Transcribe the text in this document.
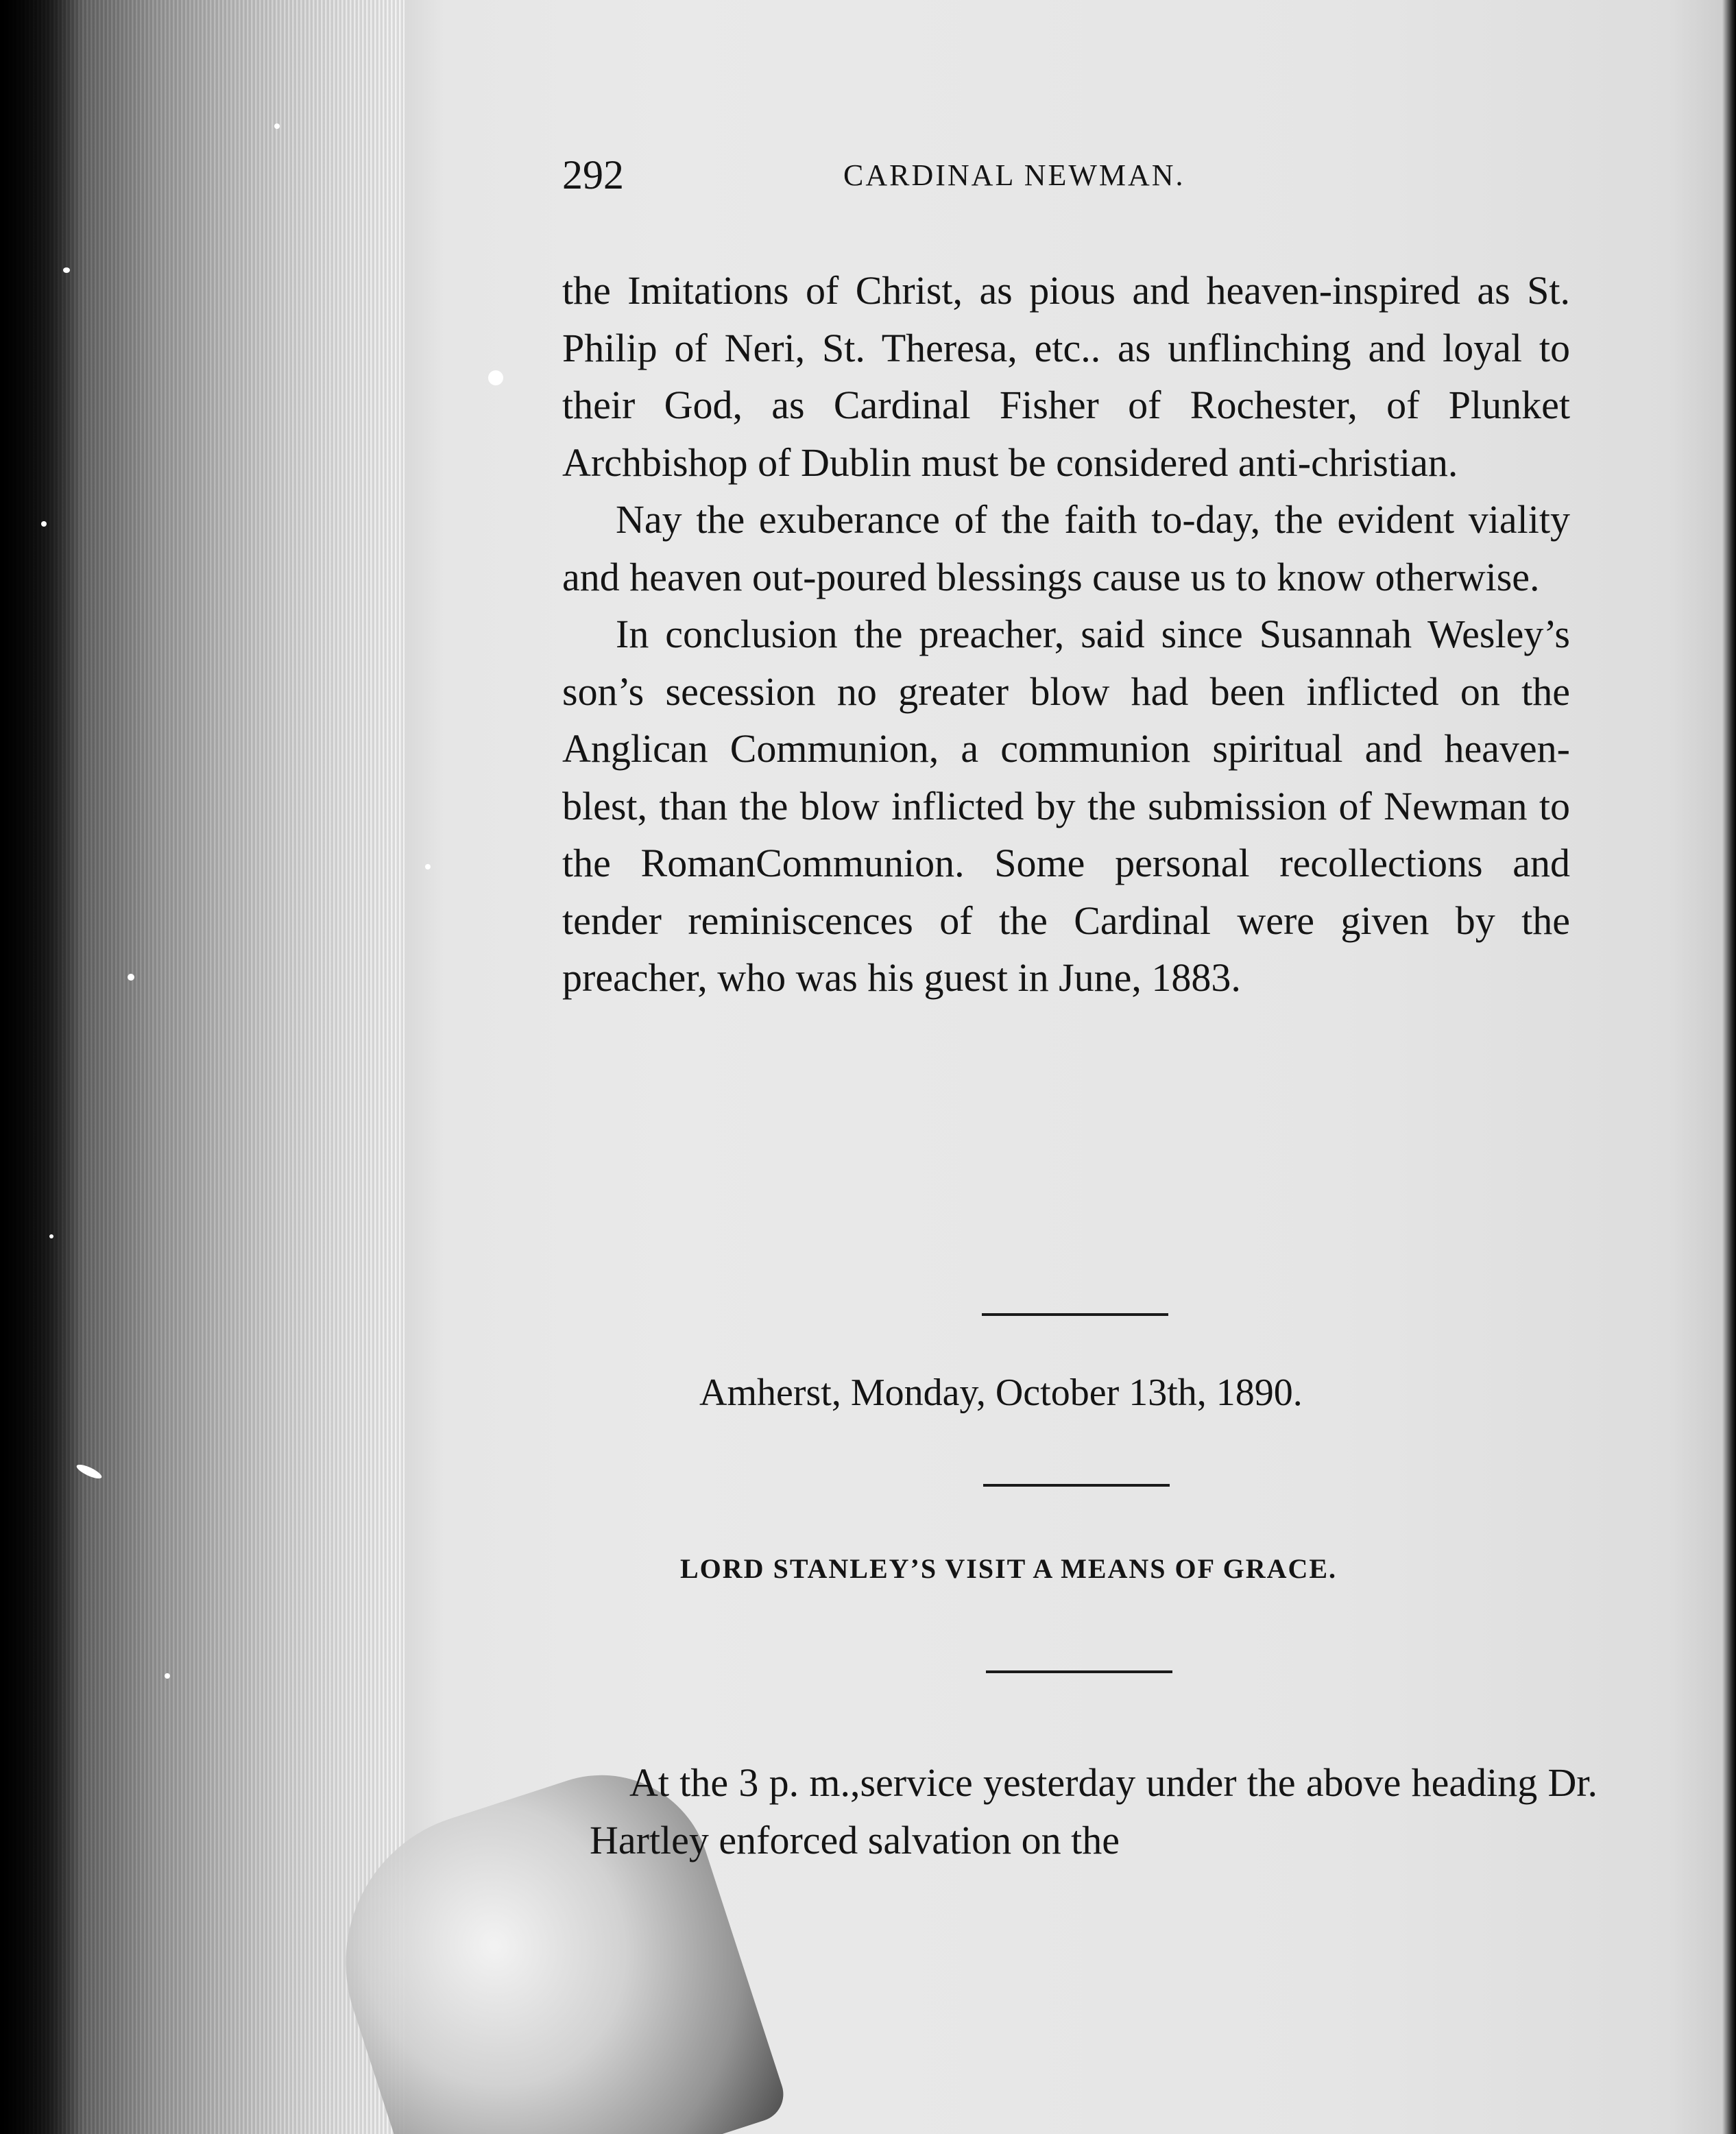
292	CARDINAL NEWMAN.

the Imitations of Christ, as pious and heaven-inspired as St. Philip of Neri, St. Theresa, etc.. as unflinching and loyal to their God, as Cardinal Fisher of Rochester, of Plunket Archbishop of Dublin must be considered anti-christian.

Nay the exuberance of the faith to-day, the evident viality and heaven out-poured blessings cause us to know otherwise.

In conclusion the preacher, said since Susannah Wesley’s son’s secession no greater blow had been inflicted on the Anglican Communion, a communion spiritual and heaven-blest, than the blow inflicted by the submission of Newman to the RomanCommunion. Some personal recollections and tender reminiscences of the Cardinal were given by the preacher, who was his guest in June, 1883.

Amherst, Monday, October 13th, 1890.
LORD STANLEY’S VISIT A MEANS OF GRACE.

At the 3 p. m.,service yesterday under the above heading Dr. Hartley enforced salvation on the
